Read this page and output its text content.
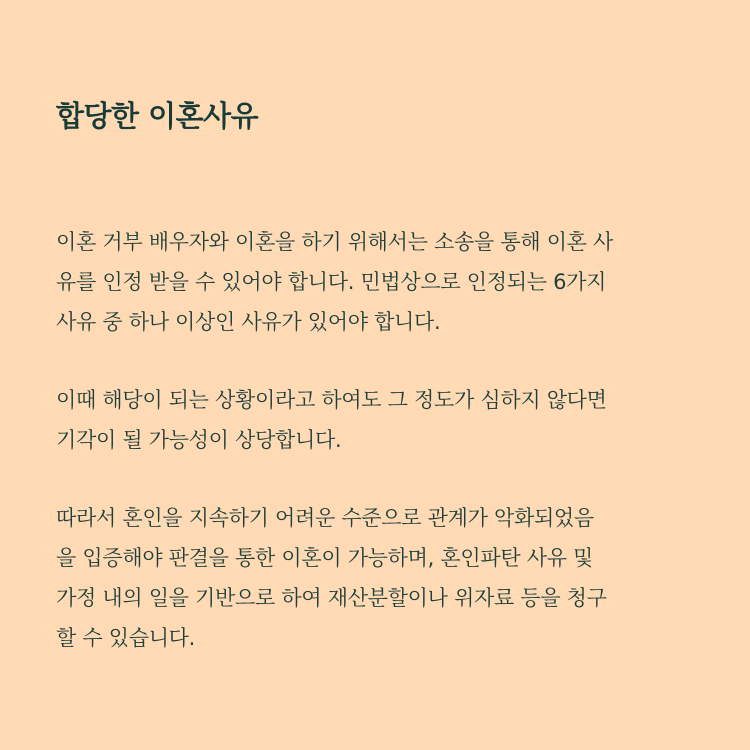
합당한 이혼사유

이혼 거부 배우자와 이혼을 하기 위해서는 소송을 통해 이혼 사
유를 인정 받을 수 있어야 합니다. 민법상으로 인정되는 6가지
사유 중 하나 이상인 사유가 있어야 합니다.

이때 해당이 되는 상황이라고 하여도 그 정도가 심하지 않다면
기각이 될 가능성이 상당합니다.

따라서 혼인을 지속하기 어려운 수준으로 관계가 악화되었음
을 입증해야 판결을 통한 이혼이 가능하며, 혼인파탄 사유 및
가정 내의 일을 기반으로 하여 재산분할이나 위자료 등을 청구
할 수 있습니다.
